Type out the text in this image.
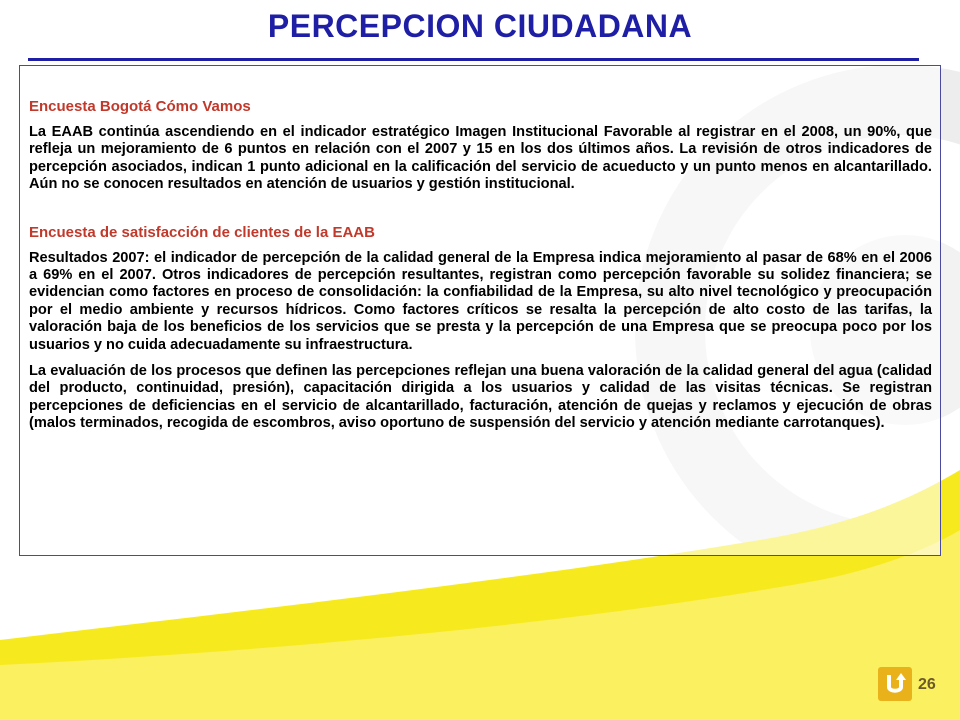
PERCEPCION CIUDADANA
Encuesta Bogotá Cómo Vamos

La EAAB continúa ascendiendo en el indicador estratégico Imagen Institucional Favorable al registrar en el 2008, un 90%, que refleja un mejoramiento de 6 puntos en relación con el 2007 y 15 en los dos últimos años. La revisión de otros indicadores de percepción asociados, indican 1 punto adicional en la calificación del servicio de acueducto y un punto menos en alcantarillado. Aún no se conocen resultados en atención de usuarios y gestión institucional.

Encuesta de satisfacción de clientes de la EAAB

Resultados 2007: el indicador de percepción de la calidad general de la Empresa indica mejoramiento al pasar de 68% en el 2006 a 69% en el 2007. Otros indicadores de percepción resultantes, registran como percepción favorable su solidez financiera; se evidencian como factores en proceso de consolidación: la confiabilidad de la Empresa, su alto nivel tecnológico y preocupación por el medio ambiente y recursos hídricos. Como factores críticos se resalta la percepción de alto costo de las tarifas, la valoración baja de los beneficios de los servicios que se presta y la percepción de una Empresa que se preocupa poco por los usuarios y no cuida adecuadamente su infraestructura.

La evaluación de los procesos que definen las percepciones reflejan una buena valoración de la calidad general del agua (calidad del producto, continuidad, presión), capacitación dirigida a los usuarios y calidad de las visitas técnicas. Se registran percepciones de deficiencias en el servicio de alcantarillado, facturación, atención de quejas y reclamos y ejecución de obras (malos terminados, recogida de escombros, aviso oportuno de suspensión del servicio y atención mediante carrotanques).

26
